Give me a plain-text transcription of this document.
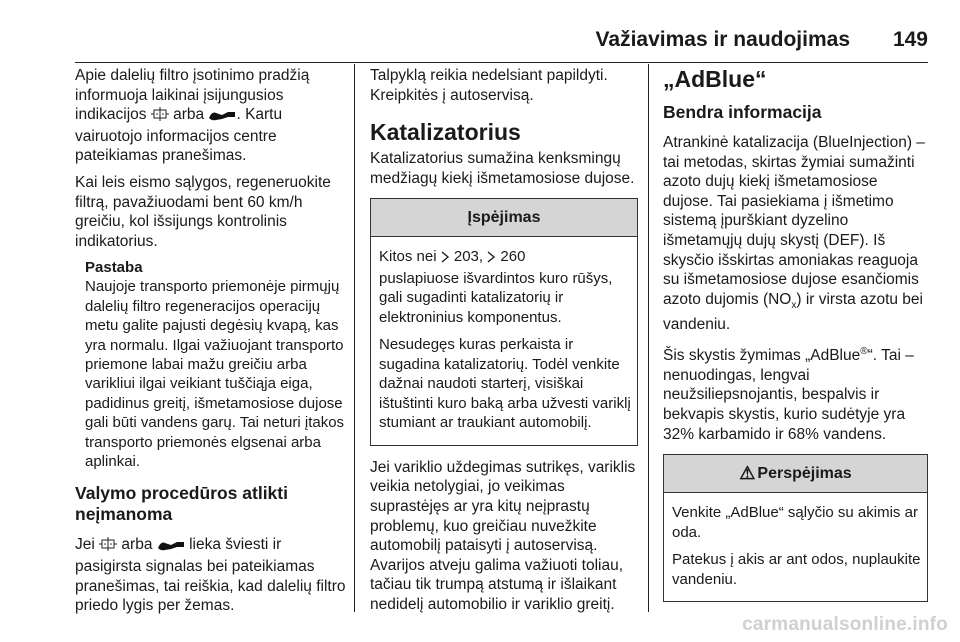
Važiavimas ir naudojimas 149

Apie dalelių filtro įsotinimo pradžią informuoja laikinai įsijungusios indikacijos  arba . Kartu vairuotojo informacijos centre pateikiamas pranešimas.

Kai leis eismo sąlygos, regeneruokite filtrą, pavažiuodami bent 60 km/h greičiu, kol išsijungs kontrolinis indikatorius.

Pastaba

Naujoje transporto priemonėje pirmųjų dalelių filtro regeneracijos operacijų metu galite pajusti degėsių kvapą, kas yra normalu. Ilgai važiuojant transporto priemone labai mažu greičiu arba varikliui ilgai veikiant tuščiąja eiga, padidinus greitį, išmetamosiose dujose gali būti vandens garų. Tai neturi įtakos transporto priemonės elgsenai arba aplinkai.

Valymo procedūros atlikti neįmanoma

Jei  arba  lieka šviesti ir pasigirsta signalas bei pateikiamas pranešimas, tai reiškia, kad dalelių filtro priedo lygis per žemas.

Talpyklą reikia nedelsiant papildyti. Kreipkitės į autoservisą.

Katalizatorius

Katalizatorius sumažina kenksmingų medžiagų kiekį išmetamosiose dujose.

Įspėjimas

Kitos nei  203,  260
puslapiuose išvardintos kuro rūšys, gali sugadinti katalizatorių ir elektroninius komponentus.

Nesudegęs kuras perkaista ir sugadina katalizatorių. Todėl venkite dažnai naudoti starterį, visiškai ištuštinti kuro baką arba užvesti variklį stumiant ar traukiant automobilį.

Jei variklio uždegimas sutrikęs, variklis veikia netolygiai, jo veikimas suprastėjęs ar yra kitų neįprastų problemų, kuo greičiau nuvežkite automobilį pataisyti į autoservisą. Avarijos atveju galima važiuoti toliau, tačiau tik trumpą atstumą ir išlaikant nedidelį automobilio ir variklio greitį.

„AdBlue“
Bendra informacija

Atrankinė katalizacija (BlueInjection) – tai metodas, skirtas žymiai sumažinti azoto dujų kiekį išmetamosiose dujose. Tai pasiekiama į išmetimo sistemą įpurškiant dyzelino išmetamųjų dujų skystį (DEF). Iš skysčio išskirtas amoniakas reaguoja su išmetamosiose dujose esančiomis azoto dujomis $(NO_x)$ ir virsta azotu bei vandeniu.

Šis skystis žymimas „AdBlue®“. Tai – nenuodingas, lengvai neužsiliepsnojantis, bespalvis ir bekvapis skystis, kurio sudėtyje yra 32% karbamido ir 68% vandens.

⚠ Perspėjimas

Venkite „AdBlue“ sąlyčio su akimis ar oda.

Patekus į akis ar ant odos, nuplaukite vandeniu.

carmanualsonline.info
